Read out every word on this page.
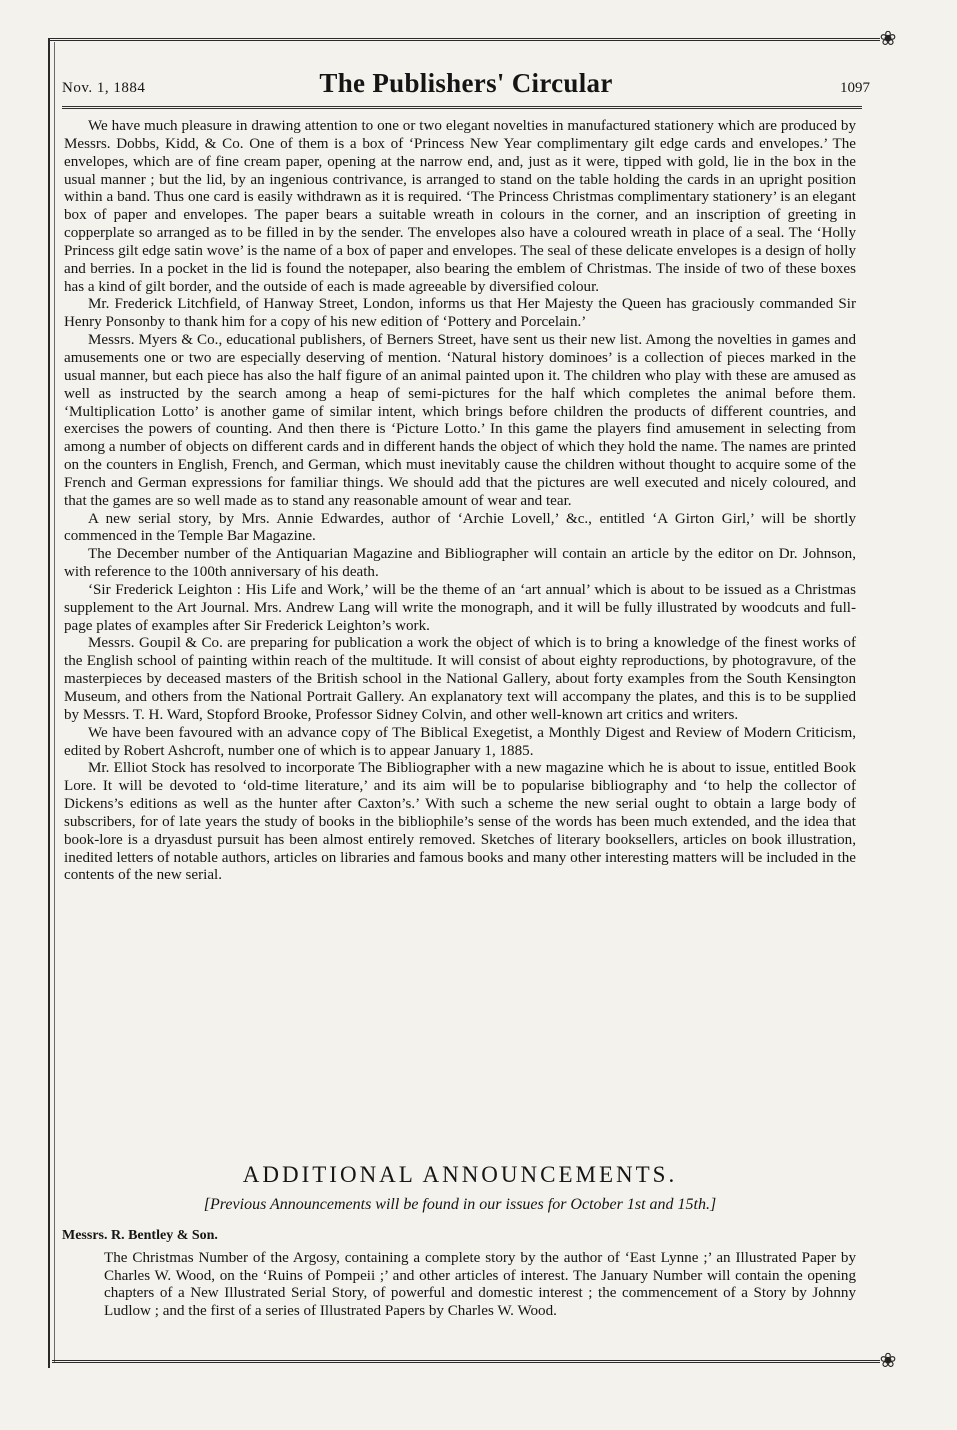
❀
Nov. 1, 1884	The Publishers' Circular	1097

We have much pleasure in drawing attention to one or two elegant novelties in manufactured stationery which are produced by Messrs. Dobbs, Kidd, & Co. One of them is a box of ‘Princess New Year complimentary gilt edge cards and envelopes.’ The envelopes, which are of fine cream paper, opening at the narrow end, and, just as it were, tipped with gold, lie in the box in the usual manner ; but the lid, by an ingenious contrivance, is arranged to stand on the table holding the cards in an upright position within a band. Thus one card is easily withdrawn as it is required. ‘The Princess Christmas complimentary stationery’ is an elegant box of paper and envelopes. The paper bears a suitable wreath in colours in the corner, and an inscription of greeting in copperplate so arranged as to be filled in by the sender. The envelopes also have a coloured wreath in place of a seal. The ‘Holly Princess gilt edge satin wove’ is the name of a box of paper and envelopes. The seal of these delicate envelopes is a design of holly and berries. In a pocket in the lid is found the notepaper, also bearing the emblem of Christmas. The inside of two of these boxes has a kind of gilt border, and the outside of each is made agreeable by diversified colour.

Mr. Frederick Litchfield, of Hanway Street, London, informs us that Her Majesty the Queen has graciously commanded Sir Henry Ponsonby to thank him for a copy of his new edition of ‘Pottery and Porcelain.’

Messrs. Myers & Co., educational publishers, of Berners Street, have sent us their new list. Among the novelties in games and amusements one or two are especially deserving of mention. ‘Natural history dominoes’ is a collection of pieces marked in the usual manner, but each piece has also the half figure of an animal painted upon it. The children who play with these are amused as well as instructed by the search among a heap of semi-pictures for the half which completes the animal before them. ‘Multiplication Lotto’ is another game of similar intent, which brings before children the products of different countries, and exercises the powers of counting. And then there is ‘Picture Lotto.’ In this game the players find amusement in selecting from among a number of objects on different cards and in different hands the object of which they hold the name. The names are printed on the counters in English, French, and German, which must inevitably cause the children without thought to acquire some of the French and German expressions for familiar things. We should add that the pictures are well executed and nicely coloured, and that the games are so well made as to stand any reasonable amount of wear and tear.

A new serial story, by Mrs. Annie Edwardes, author of ‘Archie Lovell,’ &c., entitled ‘A Girton Girl,’ will be shortly commenced in the Temple Bar Magazine.

The December number of the Antiquarian Magazine and Bibliographer will contain an article by the editor on Dr. Johnson, with reference to the 100th anniversary of his death.

‘Sir Frederick Leighton : His Life and Work,’ will be the theme of an ‘art annual’ which is about to be issued as a Christmas supplement to the Art Journal. Mrs. Andrew Lang will write the monograph, and it will be fully illustrated by woodcuts and full-page plates of examples after Sir Frederick Leighton’s work.

Messrs. Goupil & Co. are preparing for publication a work the object of which is to bring a knowledge of the finest works of the English school of painting within reach of the multitude. It will consist of about eighty reproductions, by photogravure, of the masterpieces by deceased masters of the British school in the National Gallery, about forty examples from the South Kensington Museum, and others from the National Portrait Gallery. An explanatory text will accompany the plates, and this is to be supplied by Messrs. T. H. Ward, Stopford Brooke, Professor Sidney Colvin, and other well-known art critics and writers.

We have been favoured with an advance copy of The Biblical Exegetist, a Monthly Digest and Review of Modern Criticism, edited by Robert Ashcroft, number one of which is to appear January 1, 1885.

Mr. Elliot Stock has resolved to incorporate The Bibliographer with a new magazine which he is about to issue, entitled Book Lore. It will be devoted to ‘old-time literature,’ and its aim will be to popularise bibliography and ‘to help the collector of Dickens’s editions as well as the hunter after Caxton’s.’ With such a scheme the new serial ought to obtain a large body of subscribers, for of late years the study of books in the bibliophile’s sense of the words has been much extended, and the idea that book-lore is a dryasdust pursuit has been almost entirely removed. Sketches of literary booksellers, articles on book illustration, inedited letters of notable authors, articles on libraries and famous books and many other interesting matters will be included in the contents of the new serial.

ADDITIONAL ANNOUNCEMENTS.
[Previous Announcements will be found in our issues for October 1st and 15th.]
Messrs. R. Bentley & Son.

The Christmas Number of the Argosy, containing a complete story by the author of ‘East Lynne ;’ an Illustrated Paper by Charles W. Wood, on the ‘Ruins of Pompeii ;’ and other articles of interest. The January Number will contain the opening chapters of a New Illustrated Serial Story, of powerful and domestic interest ; the commencement of a Story by Johnny Ludlow ; and the first of a series of Illustrated Papers by Charles W. Wood.

❀
